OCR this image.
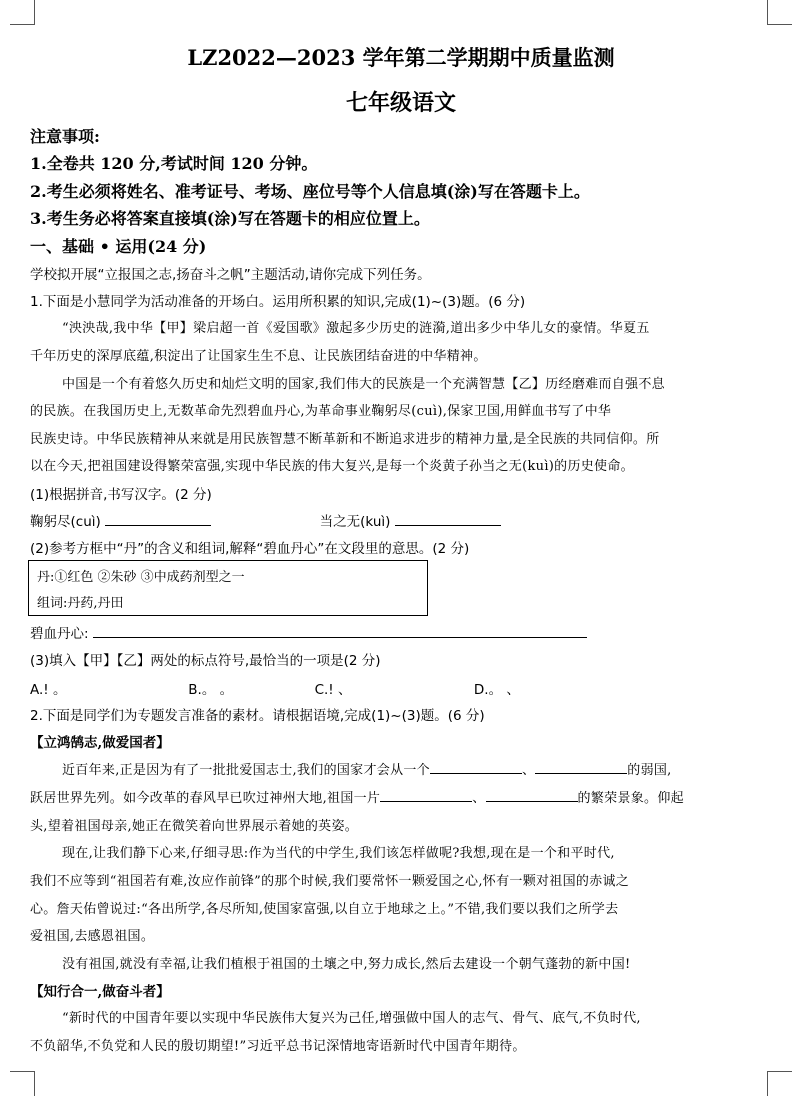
LZ2022—2023 学年第二学期期中质量监测
七年级语文
注意事项:
1.全卷共 120 分,考试时间 120 分钟。
2.考生必须将姓名、准考证号、考场、座位号等个人信息填(涂)写在答题卡上。
3.考生务必将答案直接填(涂)写在答题卡的相应位置上。
一、基础 • 运用(24 分)
学校拟开展“立报国之志,扬奋斗之帆”主题活动,请你完成下列任务。
1.下面是小慧同学为活动准备的开场白。运用所积累的知识,完成(1)~(3)题。(6 分)
“泱泱哉,我中华【甲】梁启超一首《爱国歌》激起多少历史的涟漪,道出多少中华儿女的豪情。华夏五
千年历史的深厚底蕴,积淀出了让国家生生不息、让民族团结奋进的中华精神。
中国是一个有着悠久历史和灿烂文明的国家,我们伟大的民族是一个充满智慧【乙】历经磨难而自强不息
的民族。在我国历史上,无数革命先烈碧血丹心,为革命事业鞠躬尽(cuì),保家卫国,用鲜血书写了中华
民族史诗。中华民族精神从来就是用民族智慧不断革新和不断追求进步的精神力量,是全民族的共同信仰。所
以在今天,把祖国建设得繁荣富强,实现中华民族的伟大复兴,是每一个炎黄子孙当之无(kuì)的历史使命。
(1)根据拼音,书写汉字。(2 分)
鞠躬尽(cuì)	当之无(kuì)
(2)参考方框中“丹”的含义和组词,解释“碧血丹心”在文段里的意思。(2 分)
丹:①红色 ②朱砂 ③中成药剂型之一
组词:丹药,丹田
碧血丹心:
(3)填入【甲】【乙】两处的标点符号,最恰当的一项是(2 分)
A.! 。	B.。 。	C.! 、	D.。 、
2.下面是同学们为专题发言准备的素材。请根据语境,完成(1)~(3)题。(6 分)
【立鸿鹄志,做爱国者】
近百年来,正是因为有了一批批爱国志士,我们的国家才会从一个	、	的弱国,
跃居世界先列。如今改革的春风早已吹过神州大地,祖国一片	、	的繁荣景象。仰起
头,望着祖国母亲,她正在微笑着向世界展示着她的英姿。
现在,让我们静下心来,仔细寻思:作为当代的中学生,我们该怎样做呢?我想,现在是一个和平时代,
我们不应等到“祖国若有难,汝应作前锋”的那个时候,我们要常怀一颗爱国之心,怀有一颗对祖国的赤诚之
心。詹天佑曾说过:“各出所学,各尽所知,使国家富强,以自立于地球之上。”不错,我们要以我们之所学去
爱祖国,去感恩祖国。
没有祖国,就没有幸福,让我们植根于祖国的土壤之中,努力成长,然后去建设一个朝气蓬勃的新中国!
【知行合一,做奋斗者】
“新时代的中国青年要以实现中华民族伟大复兴为己任,增强做中国人的志气、骨气、底气,不负时代,
不负韶华,不负党和人民的殷切期望!”习近平总书记深情地寄语新时代中国青年期待。
